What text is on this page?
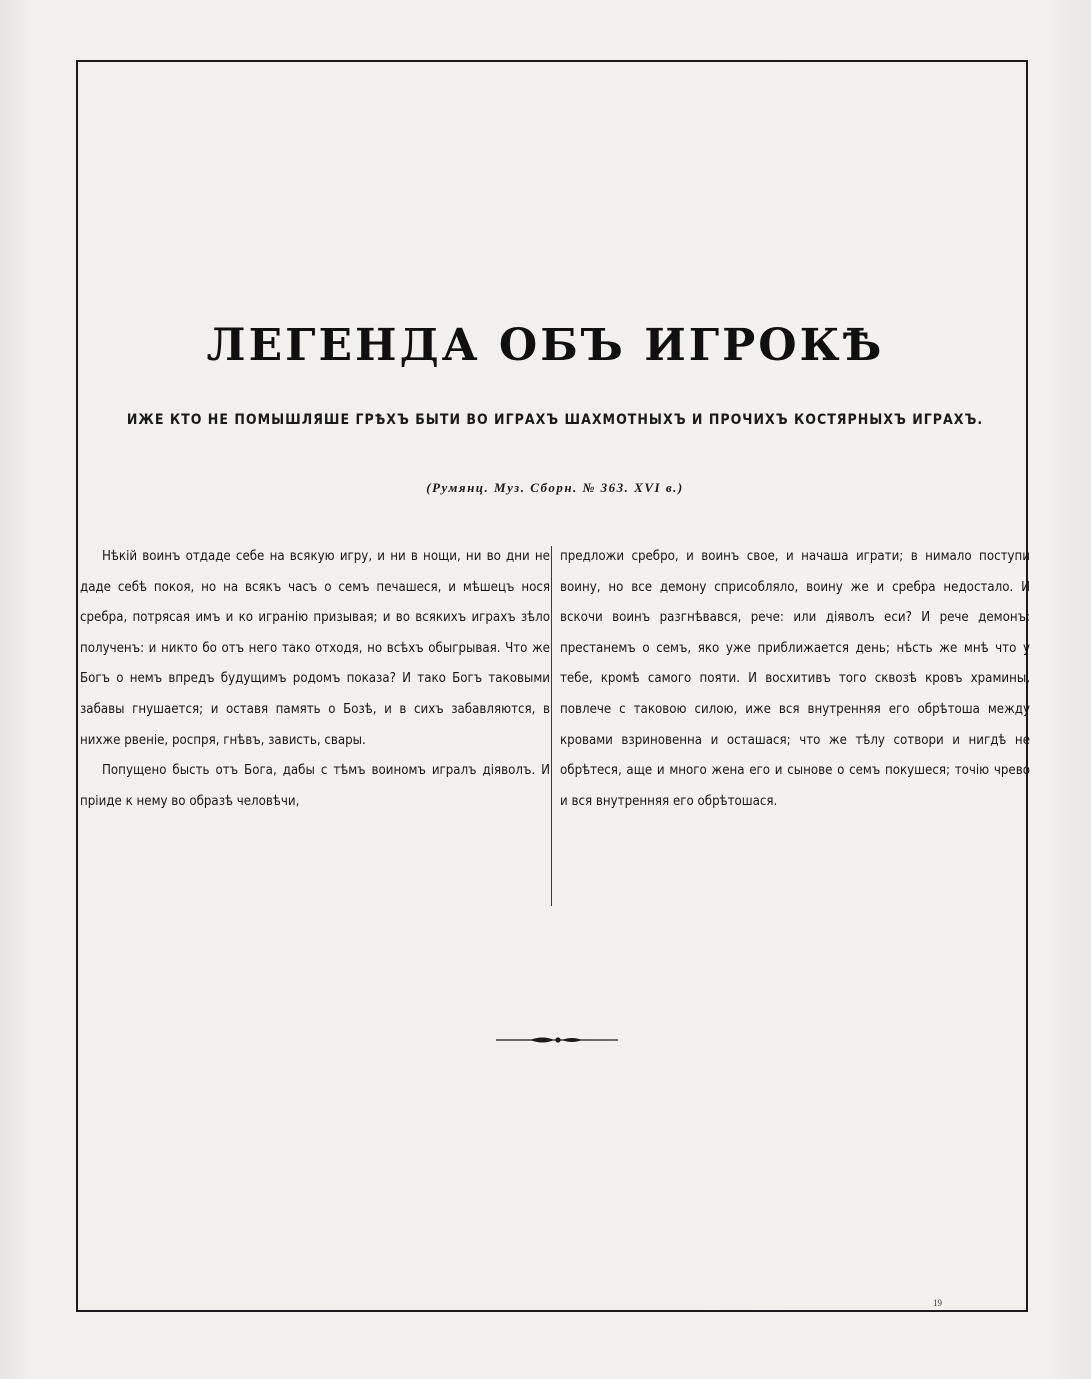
ЛЕГЕНДА ОБЪ ИГРОКѢ
ИЖЕ КТО НЕ ПОМЫШЛЯШЕ ГРѢХЪ БЫТИ ВО ИГРАХЪ ШАХМОТНЫХЪ И ПРОЧИХЪ КОСТЯРНЫХЪ ИГРАХЪ.
(Румянц. Муз. Сборн. № 363. XVI в.)

Нѣкій воинъ отдаде себе на всякую игру, и ни в нощи, ни во дни не даде себѣ покоя, но на всякъ часъ о семъ печашеся, и мѣшецъ нося сребра, потрясая имъ и ко игранію призывая; и во всякихъ играхъ зѣло полученъ: и никто бо отъ него тако отходя, но всѣхъ обыгрывая. Что же Богъ о немъ впредъ будущимъ родомъ показа? И тако Богъ таковыми забавы гнушается; и оставя память о Бозѣ, и в сихъ забавляются, в нихже рвеніе, роспря, гнѣвъ, зависть, свары.

Попущено бысть отъ Бога, дабы с тѣмъ воиномъ игралъ діяволъ. И пріиде к нему во образѣ человѣчи,

предложи сребро, и воинъ свое, и начаша играти; в нимало поступи воину, но все демону сприсобляло, воину же и сребра недостало. И вскочи воинъ разгнѣвався, рече: или діяволъ еси? И рече демонъ: престанемъ о семъ, яко уже приближается день; нѣсть же мнѣ что у тебе, кромѣ самого пояти. И восхитивъ того сквозѣ кровъ храмины, повлече с таковою силою, иже вся внутренняя его обрѣтоша между кровами взриновенна и осташася; что же тѣлу сотвори и нигдѣ не обрѣтеся, аще и много жена его и сынове о семъ покушеся; точію чрево и вся внутренняя его обрѣтошася.

19
